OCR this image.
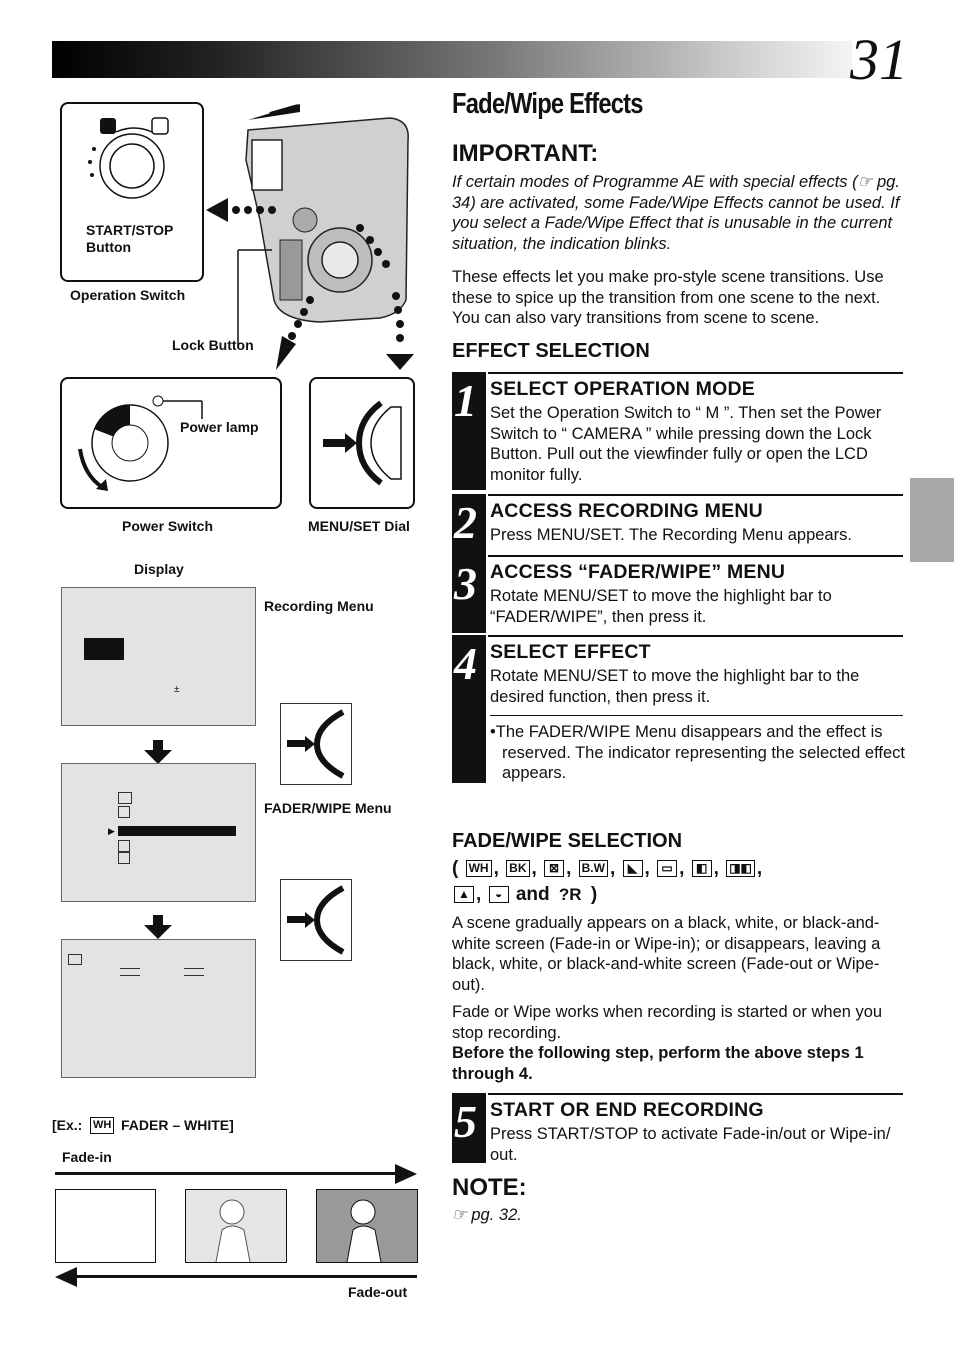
31
Fade/Wipe Effects
IMPORTANT:
If certain modes of Programme AE with special effects (☞ pg. 34) are activated, some Fade/Wipe Effects cannot be used. If you select a Fade/Wipe Effect that is unusable in the current situation, the indication blinks.
These effects let you make pro-style scene transitions. Use these to spice up the transition from one scene to the next. You can also vary transitions from scene to scene.
EFFECT SELECTION
1 SELECT OPERATION MODE
Set the Operation Switch to “ M ”. Then set the Power Switch to “ CAMERA ” while pressing down the Lock Button. Pull out the viewfinder fully or open the LCD monitor fully.
2 ACCESS RECORDING MENU
Press MENU/SET. The Recording Menu appears.
3 ACCESS “FADER/WIPE” MENU
Rotate MENU/SET to move the highlight bar to “FADER/WIPE”, then press it.
4 SELECT EFFECT
Rotate MENU/SET to move the highlight bar to the desired function, then press it.
•The FADER/WIPE Menu disappears and the effect is reserved. The indicator representing the selected effect appears.
FADE/WIPE SELECTION
( WH , BK , ⊠ , B.W , ◣ , ▭ , ◧ , ◨◧ ,
▲ , ◒ and ?R )
A scene gradually appears on a black, white, or black-and-white screen (Fade-in or Wipe-in); or disappears, leaving a black, white, or black-and-white screen (Fade-out or Wipe-out).
Fade or Wipe works when recording is started or when you stop recording.
Before the following step, perform the above steps 1 through 4.
5 START OR END RECORDING
Press START/STOP to activate Fade-in/out or Wipe-in/ out.
NOTE:
☞ pg. 32.
START/STOP Button
Operation Switch
Lock Button
Power lamp
Power Switch	MENU/SET Dial
Display
±
Recording Menu
▶
FADER/WIPE Menu
[Ex.: WH FADER – WHITE]
Fade-in
Fade-out
